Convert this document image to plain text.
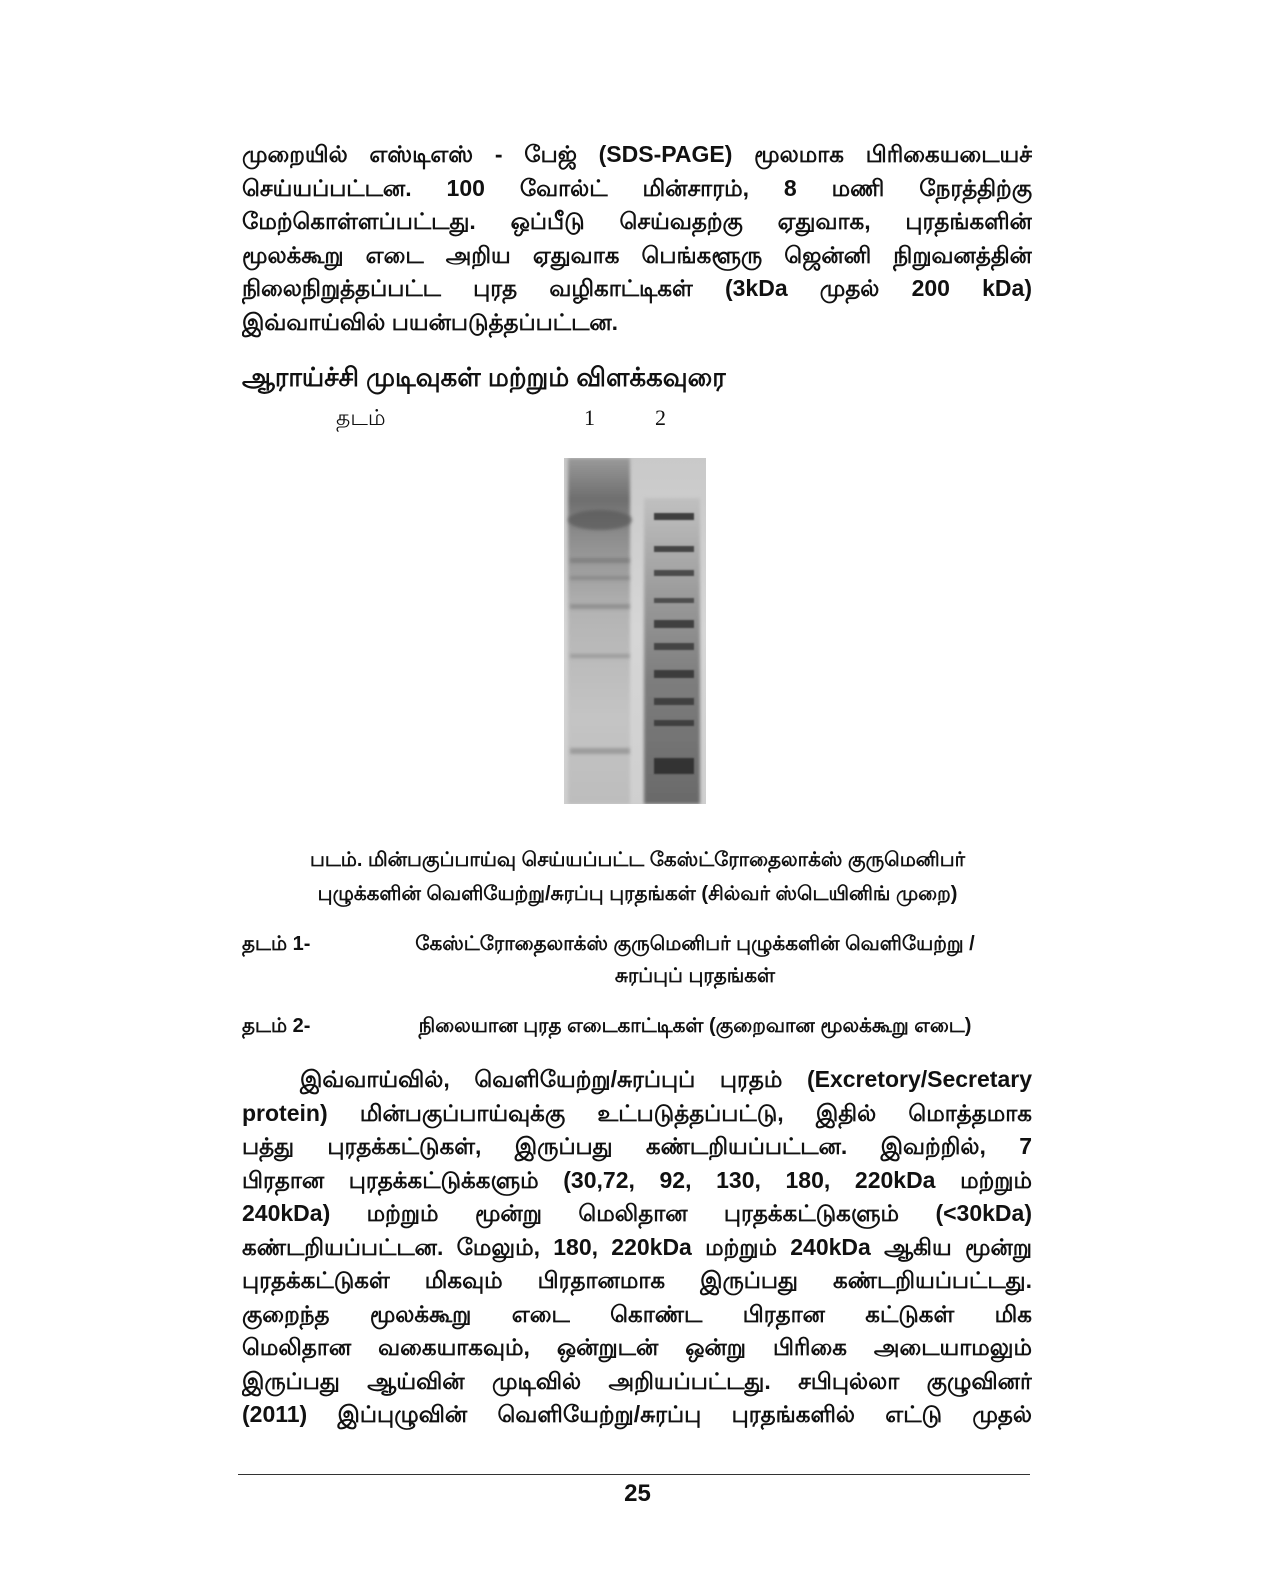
முறையில் எஸ்டிஎஸ் - பேஜ் (SDS-PAGE) மூலமாக பிரிகையடையச்
செய்யப்பட்டன. 100 வோல்ட் மின்சாரம், 8 மணி நேரத்திற்கு
மேற்கொள்ளப்பட்டது. ஒப்பீடு செய்வதற்கு ஏதுவாக, புரதங்களின்
மூலக்கூறு எடை அறிய ஏதுவாக பெங்களூரு ஜென்னி நிறுவனத்தின்
நிலைநிறுத்தப்பட்ட புரத வழிகாட்டிகள் (3kDa முதல் 200 kDa)
இவ்வாய்வில் பயன்படுத்தப்பட்டன.
ஆராய்ச்சி முடிவுகள் மற்றும் விளக்கவுரை
தடம்	1	2
படம். மின்பகுப்பாய்வு செய்யப்பட்ட கேஸ்ட்ரோதைலாக்ஸ் குருமெனிபர்
புழுக்களின் வெளியேற்று/சுரப்பு புரதங்கள் (சில்வர் ஸ்டெயினிங் முறை)
தடம் 1-	கேஸ்ட்ரோதைலாக்ஸ் குருமெனிபர் புழுக்களின் வெளியேற்று /
சுரப்புப் புரதங்கள்
தடம் 2-	நிலையான புரத எடைகாட்டிகள் (குறைவான மூலக்கூறு எடை)
இவ்வாய்வில், வெளியேற்று/சுரப்புப் புரதம் (Excretory/Secretary
protein) மின்பகுப்பாய்வுக்கு உட்படுத்தப்பட்டு, இதில் மொத்தமாக
பத்து புரதக்கட்டுகள், இருப்பது கண்டறியப்பட்டன. இவற்றில், 7
பிரதான புரதக்கட்டுக்களும் (30,72, 92, 130, 180, 220kDa மற்றும்
240kDa) மற்றும் மூன்று மெலிதான புரதக்கட்டுகளும் (<30kDa)
கண்டறியப்பட்டன. மேலும், 180, 220kDa மற்றும் 240kDa ஆகிய மூன்று
புரதக்கட்டுகள் மிகவும் பிரதானமாக இருப்பது கண்டறியப்பட்டது.
குறைந்த மூலக்கூறு எடை கொண்ட பிரதான கட்டுகள் மிக
மெலிதான வகையாகவும், ஒன்றுடன் ஒன்று பிரிகை அடையாமலும்
இருப்பது ஆய்வின் முடிவில் அறியப்பட்டது. சபிபுல்லா குழுவினர்
(2011) இப்புழுவின் வெளியேற்று/சுரப்பு புரதங்களில் எட்டு முதல்
25
